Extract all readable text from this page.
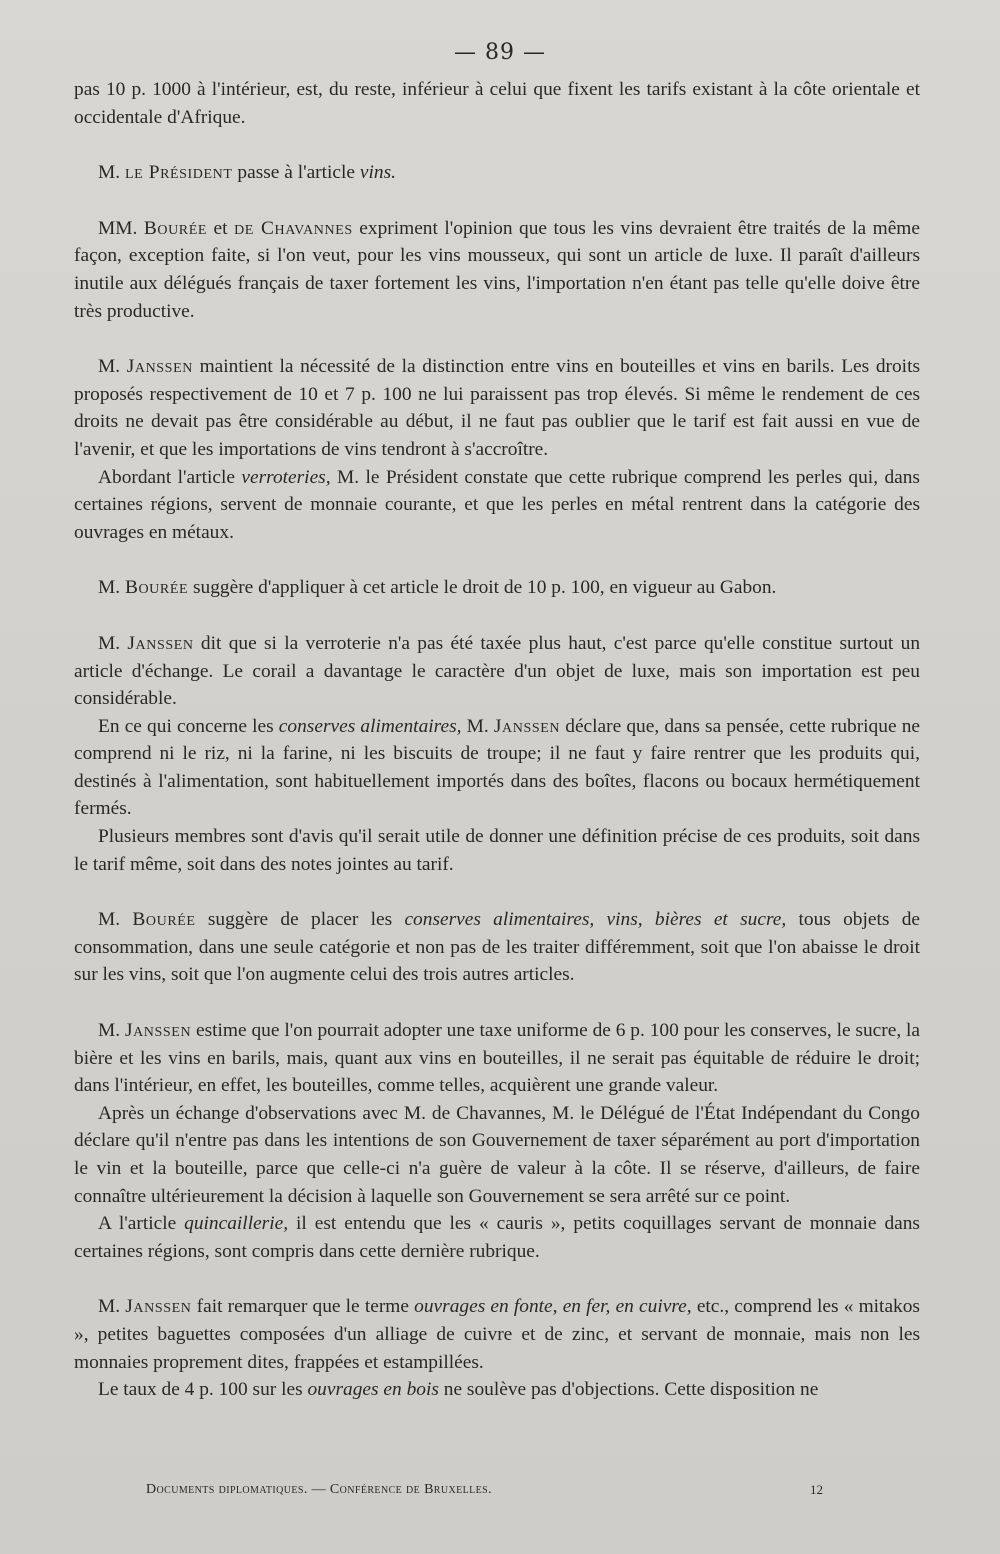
— 89 —

pas 10 p. 1000 à l'intérieur, est, du reste, inférieur à celui que fixent les tarifs existant à la côte orientale et occidentale d'Afrique.

M. le Président passe à l'article vins.

MM. Bourée et de Chavannes expriment l'opinion que tous les vins devraient être traités de la même façon, exception faite, si l'on veut, pour les vins mousseux, qui sont un article de luxe. Il paraît d'ailleurs inutile aux délégués français de taxer fortement les vins, l'importation n'en étant pas telle qu'elle doive être très productive.

M. Janssen maintient la nécessité de la distinction entre vins en bouteilles et vins en barils. Les droits proposés respectivement de 10 et 7 p. 100 ne lui paraissent pas trop élevés. Si même le rendement de ces droits ne devait pas être considérable au début, il ne faut pas oublier que le tarif est fait aussi en vue de l'avenir, et que les importations de vins tendront à s'accroître.

Abordant l'article verroteries, M. le Président constate que cette rubrique comprend les perles qui, dans certaines régions, servent de monnaie courante, et que les perles en métal rentrent dans la catégorie des ouvrages en métaux.

M. Bourée suggère d'appliquer à cet article le droit de 10 p. 100, en vigueur au Gabon.

M. Janssen dit que si la verroterie n'a pas été taxée plus haut, c'est parce qu'elle constitue surtout un article d'échange. Le corail a davantage le caractère d'un objet de luxe, mais son importation est peu considérable.

En ce qui concerne les conserves alimentaires, M. Janssen déclare que, dans sa pensée, cette rubrique ne comprend ni le riz, ni la farine, ni les biscuits de troupe; il ne faut y faire rentrer que les produits qui, destinés à l'alimentation, sont habituellement importés dans des boîtes, flacons ou bocaux hermétiquement fermés.

Plusieurs membres sont d'avis qu'il serait utile de donner une définition précise de ces produits, soit dans le tarif même, soit dans des notes jointes au tarif.

M. Bourée suggère de placer les conserves alimentaires, vins, bières et sucre, tous objets de consommation, dans une seule catégorie et non pas de les traiter différemment, soit que l'on abaisse le droit sur les vins, soit que l'on augmente celui des trois autres articles.

M. Janssen estime que l'on pourrait adopter une taxe uniforme de 6 p. 100 pour les conserves, le sucre, la bière et les vins en barils, mais, quant aux vins en bouteilles, il ne serait pas équitable de réduire le droit; dans l'intérieur, en effet, les bouteilles, comme telles, acquièrent une grande valeur.

Après un échange d'observations avec M. de Chavannes, M. le Délégué de l'État Indépendant du Congo déclare qu'il n'entre pas dans les intentions de son Gouvernement de taxer séparément au port d'importation le vin et la bouteille, parce que celle-ci n'a guère de valeur à la côte. Il se réserve, d'ailleurs, de faire connaître ultérieurement la décision à laquelle son Gouvernement se sera arrêté sur ce point.

A l'article quincaillerie, il est entendu que les « cauris », petits coquillages servant de monnaie dans certaines régions, sont compris dans cette dernière rubrique.

M. Janssen fait remarquer que le terme ouvrages en fonte, en fer, en cuivre, etc., comprend les « mitakos », petites baguettes composées d'un alliage de cuivre et de zinc, et servant de monnaie, mais non les monnaies proprement dites, frappées et estampillées.

Le taux de 4 p. 100 sur les ouvrages en bois ne soulève pas d'objections. Cette disposition ne

Documents diplomatiques. — Conférence de Bruxelles.	12
